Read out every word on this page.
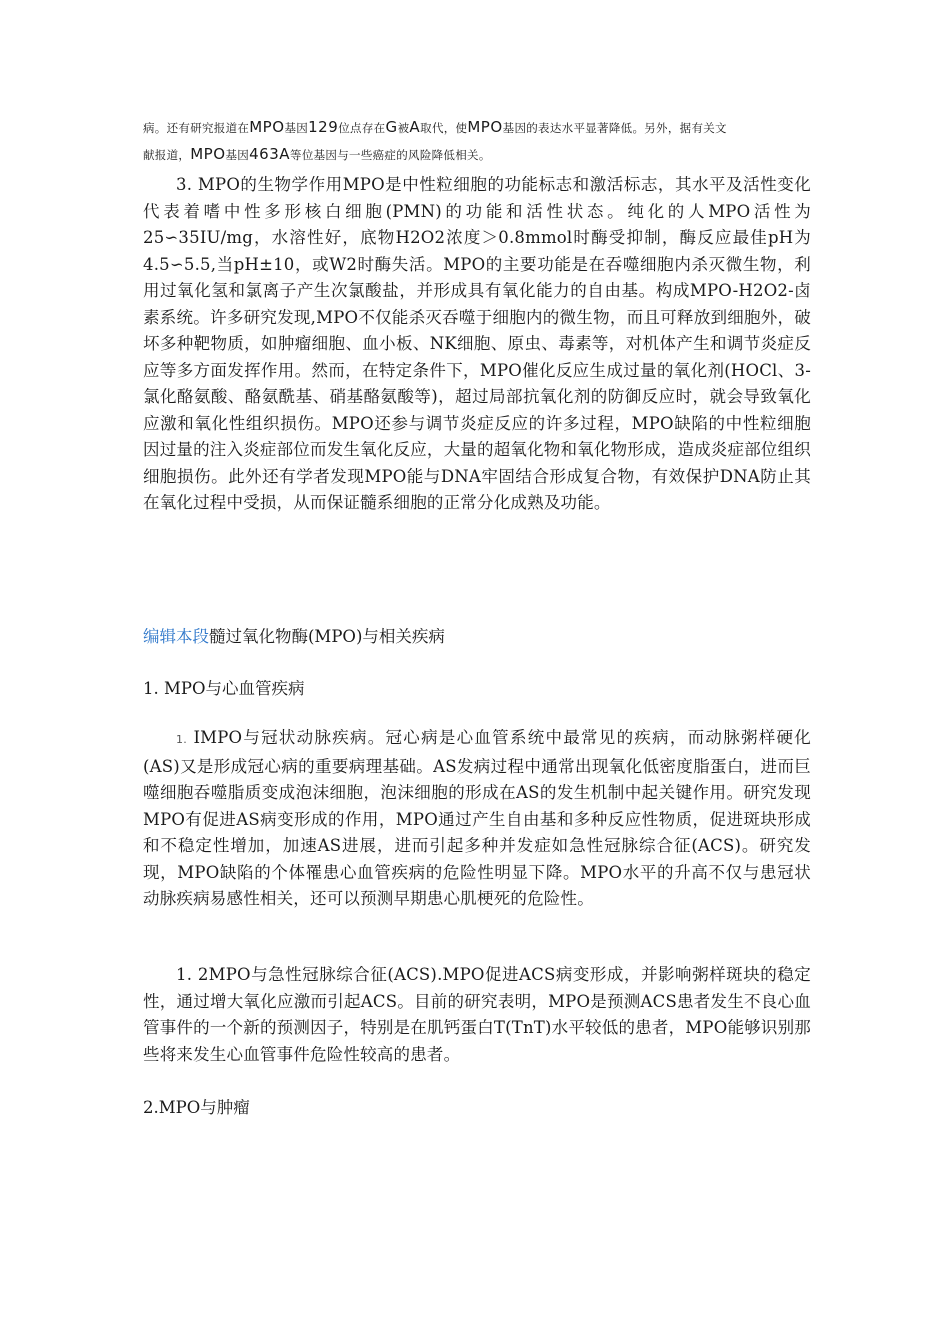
病。还有研究报道在MPO基因129位点存在G被A取代，使MPO基因的表达水平显著降低。另外，据有关文
献报道，MPO基因463A等位基因与一些癌症的风险降低相关。
3. MPO的生物学作用MPO是中性粒细胞的功能标志和激活标志，其水平及活性变化代表着嗜中性多形核白细胞(PMN)的功能和活性状态。纯化的人MPO活性为25∽35IU/mg，水溶性好，底物H2O2浓度＞0.8mmol时酶受抑制，酶反应最佳pH为4.5∽5.5,当pH±10，或W2时酶失活。MPO的主要功能是在吞噬细胞内杀灭微生物，利用过氧化氢和氯离子产生次氯酸盐，并形成具有氧化能力的自由基。构成MPO-H2O2-卤素系统。许多研究发现,MPO不仅能杀灭吞噬于细胞内的微生物，而且可释放到细胞外，破坏多种靶物质，如肿瘤细胞、血小板、NK细胞、原虫、毒素等，对机体产生和调节炎症反应等多方面发挥作用。然而，在特定条件下，MPO催化反应生成过量的氧化剂(HOCl、3-氯化酪氨酸、酪氨酰基、硝基酪氨酸等)，超过局部抗氧化剂的防御反应时，就会导致氧化应激和氧化性组织损伤。MPO还参与调节炎症反应的许多过程，MPO缺陷的中性粒细胞因过量的注入炎症部位而发生氧化反应，大量的超氧化物和氧化物形成，造成炎症部位组织细胞损伤。此外还有学者发现MPO能与DNA牢固结合形成复合物，有效保护DNA防止其在氧化过程中受损，从而保证髓系细胞的正常分化成熟及功能。
编辑本段髓过氧化物酶(MPO)与相关疾病
1. MPO与心血管疾病
1. IMPO与冠状动脉疾病。冠心病是心血管系统中最常见的疾病，而动脉粥样硬化(AS)又是形成冠心病的重要病理基础。AS发病过程中通常出现氧化低密度脂蛋白，进而巨噬细胞吞噬脂质变成泡沫细胞，泡沫细胞的形成在AS的发生机制中起关键作用。研究发现MPO有促进AS病变形成的作用，MPO通过产生自由基和多种反应性物质，促进斑块形成和不稳定性增加，加速AS进展，进而引起多种并发症如急性冠脉综合征(ACS)。研究发现，MPO缺陷的个体罹患心血管疾病的危险性明显下降。MPO水平的升高不仅与患冠状动脉疾病易感性相关，还可以预测早期患心肌梗死的危险性。
1. 2MPO与急性冠脉综合征(ACS).MPO促进ACS病变形成，并影响粥样斑块的稳定性，通过增大氧化应激而引起ACS。目前的研究表明，MPO是预测ACS患者发生不良心血管事件的一个新的预测因子，特别是在肌钙蛋白T(TnT)水平较低的患者，MPO能够识别那些将来发生心血管事件危险性较高的患者。
2.MPO与肿瘤
